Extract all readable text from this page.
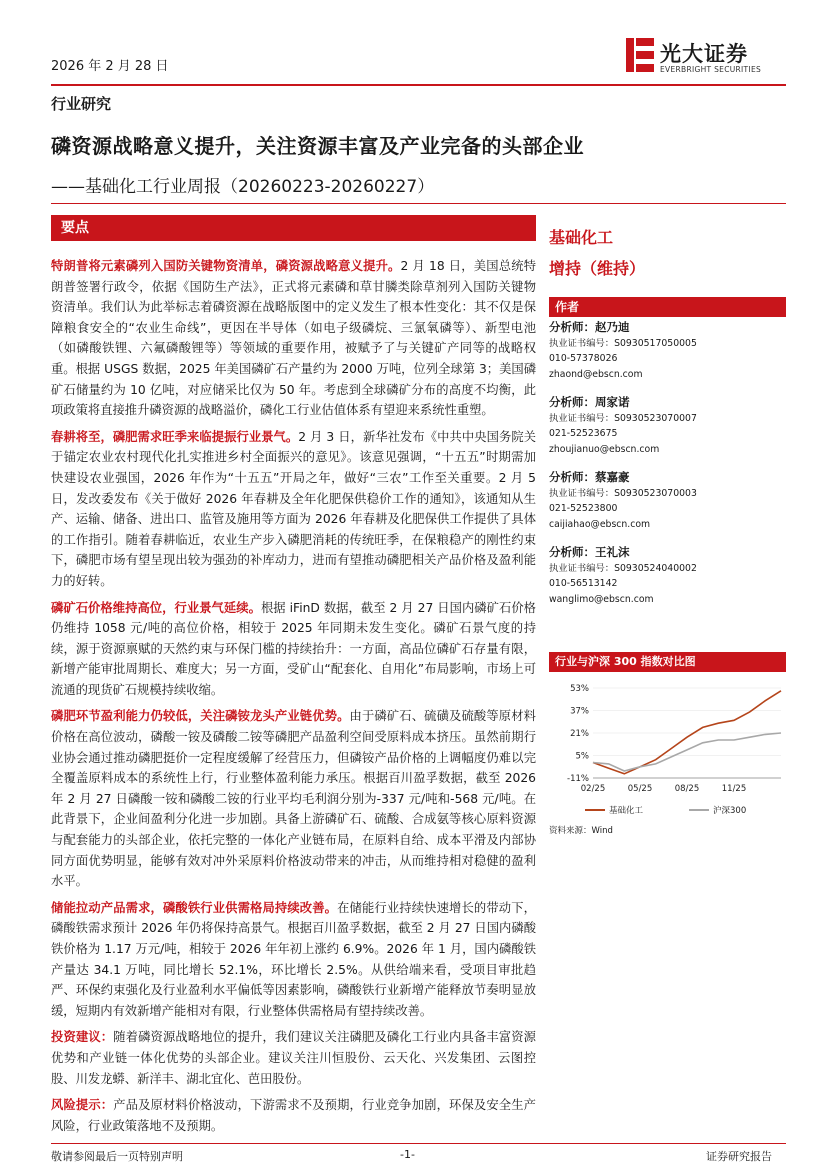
2026 年 2 月 28 日
光大证券
EVERBRIGHT SECURITIES
行业研究
磷资源战略意义提升，关注资源丰富及产业完备的头部企业
——基础化工行业周报（20260223-20260227）
要点

特朗普将元素磷列入国防关键物资清单，磷资源战略意义提升。2 月 18 日，美国总统特朗普签署行政令，依据《国防生产法》，正式将元素磷和草甘膦类除草剂列入国防关键物资清单。我们认为此举标志着磷资源在战略版图中的定义发生了根本性变化：其不仅是保障粮食安全的“农业生命线”，更因在半导体（如电子级磷烷、三氯氧磷等）、新型电池（如磷酸铁锂、六氟磷酸锂等）等领域的重要作用，被赋予了与关键矿产同等的战略权重。根据 USGS 数据，2025 年美国磷矿石产量约为 2000 万吨，位列全球第 3；美国磷矿石储量约为 10 亿吨，对应储采比仅为 50 年。考虑到全球磷矿分布的高度不均衡，此项政策将直接推升磷资源的战略溢价，磷化工行业估值体系有望迎来系统性重塑。

春耕将至，磷肥需求旺季来临提振行业景气。2 月 3 日，新华社发布《中共中央国务院关于锚定农业农村现代化扎实推进乡村全面振兴的意见》。该意见强调，“十五五”时期需加快建设农业强国，2026 年作为“十五五”开局之年，做好“三农”工作至关重要。2 月 5 日，发改委发布《关于做好 2026 年春耕及全年化肥保供稳价工作的通知》，该通知从生产、运输、储备、进出口、监管及施用等方面为 2026 年春耕及化肥保供工作提供了具体的工作指引。随着春耕临近，农业生产步入磷肥消耗的传统旺季，在保粮稳产的刚性约束下，磷肥市场有望呈现出较为强劲的补库动力，进而有望推动磷肥相关产品价格及盈利能力的好转。

磷矿石价格维持高位，行业景气延续。根据 iFinD 数据，截至 2 月 27 日国内磷矿石价格仍维持 1058 元/吨的高位价格，相较于 2025 年同期未发生变化。磷矿石景气度的持续，源于资源禀赋的天然约束与环保门槛的持续抬升：一方面，高品位磷矿石存量有限，新增产能审批周期长、难度大；另一方面，受矿山“配套化、自用化”布局影响，市场上可流通的现货矿石规模持续收缩。

磷肥环节盈利能力仍较低，关注磷铵龙头产业链优势。由于磷矿石、硫磺及硫酸等原材料价格在高位波动，磷酸一铵及磷酸二铵等磷肥产品盈利空间受原料成本挤压。虽然前期行业协会通过推动磷肥挺价一定程度缓解了经营压力，但磷铵产品价格的上调幅度仍难以完全覆盖原料成本的系统性上行，行业整体盈利能力承压。根据百川盈孚数据，截至 2026 年 2 月 27 日磷酸一铵和磷酸二铵的行业平均毛利润分别为-337 元/吨和-568 元/吨。在此背景下，企业间盈利分化进一步加剧。具备上游磷矿石、硫酸、合成氨等核心原料资源与配套能力的头部企业，依托完整的一体化产业链布局，在原料自给、成本平滑及内部协同方面优势明显，能够有效对冲外采原料价格波动带来的冲击，从而维持相对稳健的盈利水平。

储能拉动产品需求，磷酸铁行业供需格局持续改善。在储能行业持续快速增长的带动下，磷酸铁需求预计 2026 年仍将保持高景气。根据百川盈孚数据，截至 2 月 27 日国内磷酸铁价格为 1.17 万元/吨，相较于 2026 年年初上涨约 6.9%。2026 年 1 月，国内磷酸铁产量达 34.1 万吨，同比增长 52.1%，环比增长 2.5%。从供给端来看，受项目审批趋严、环保约束强化及行业盈利水平偏低等因素影响，磷酸铁行业新增产能释放节奏明显放缓，短期内有效新增产能相对有限，行业整体供需格局有望持续改善。

投资建议：随着磷资源战略地位的提升，我们建议关注磷肥及磷化工行业内具备丰富资源优势和产业链一体化优势的头部企业。建议关注川恒股份、云天化、兴发集团、云图控股、川发龙蟒、新洋丰、湖北宜化、芭田股份。

风险提示：产品及原材料价格波动，下游需求不及预期，行业竞争加剧，环保及安全生产风险，行业政策落地不及预期。

基础化工
增持（维持）
作者
分析师：赵乃迪
执业证书编号：S0930517050005
010-57378026
zhaond@ebscn.com
分析师：周家诺
执业证书编号：S0930523070007
021-52523675
zhoujianuo@ebscn.com
分析师：蔡嘉豪
执业证书编号：S0930523070003
021-52523800
caijiahao@ebscn.com
分析师：王礼沫
执业证书编号：S0930524040002
010-56513142
wanglimo@ebscn.com
行业与沪深 300 指数对比图
53%
37%
21%
5%
-11%
02/25	05/25	08/25	11/25
基础化工	沪深300
资料来源：Wind
敬请参阅最后一页特别声明	-1-	证券研究报告
